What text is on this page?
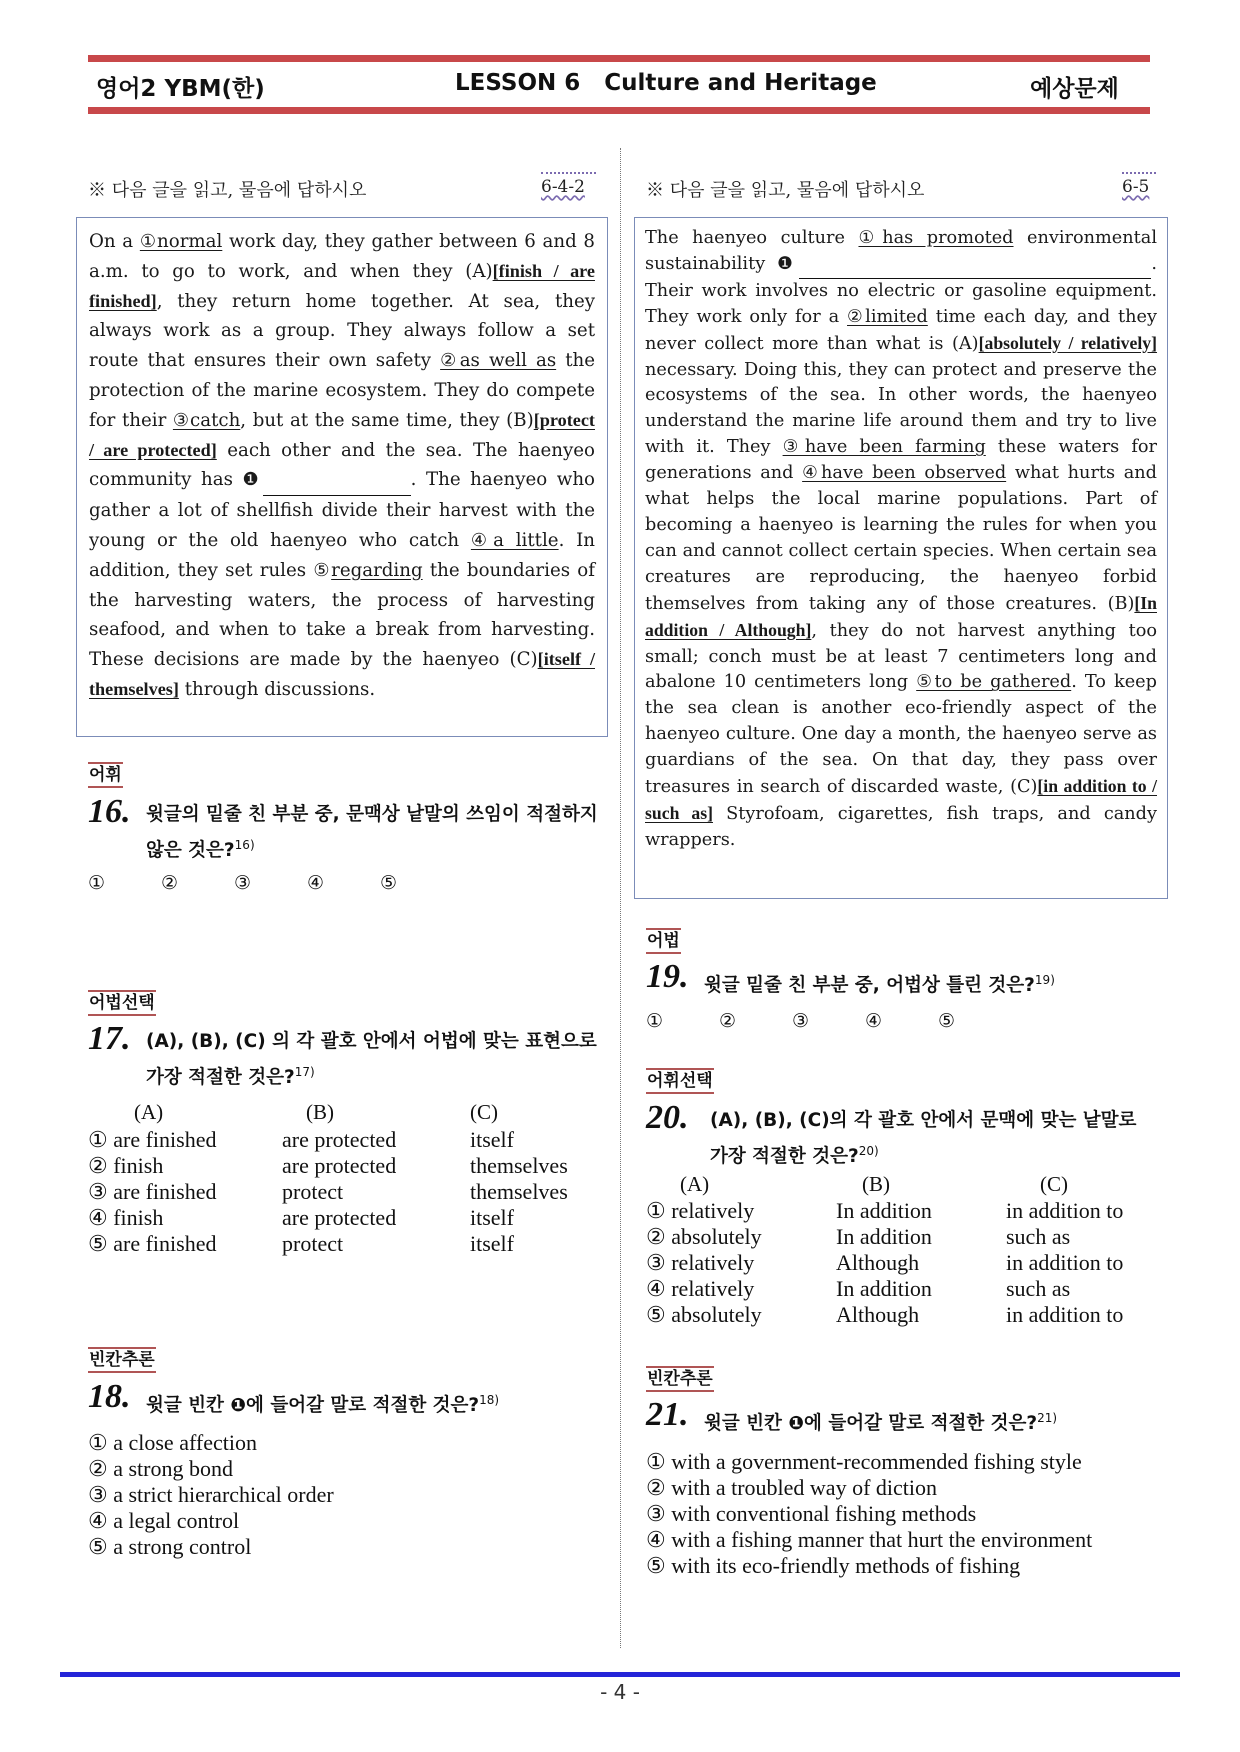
영어2 YBM(한)	LESSON 6   Culture and Heritage	예상문제
※ 다음 글을 읽고, 물음에 답하시오	6-4-2

On a ①normal work day, they gather between 6 and 8 a.m. to go to work, and when they (A)[finish / are finished], they return home together. At sea, they always work as a group. They always follow a set route that ensures their own safety ②as well as the protection of the marine ecosystem. They do compete for their ③catch, but at the same time, they (B)[protect / are protected] each other and the sea. The haenyeo community has ❶	. The haenyeo who gather a lot of shellfish divide their harvest with the young or the old haenyeo who catch ④a little. In addition, they set rules ⑤regarding the boundaries of the harvesting waters, the process of harvesting seafood, and when to take a break from harvesting. These decisions are made by the haenyeo (C)[itself / themselves] through discussions.

어휘
16. 윗글의 밑줄 친 부분 중, 문맥상 낱말의 쓰임이 적절하지 않은 것은?$^{16)}$
①	②	③	④	⑤
어법선택
17. (A), (B), (C) 의 각 괄호 안에서 어법에 맞는 표현으로 가장 적절한 것은?$^{17)}$
(A)	(B)	(C)
① are finished	are protected	itself
② finish	are protected	themselves
③ are finished	protect	themselves
④ finish	are protected	itself
⑤ are finished	protect	itself
빈칸추론
18. 윗글 빈칸 ❶에 들어갈 말로 적절한 것은?$^{18)}$
① a close affection
② a strong bond
③ a strict hierarchical order
④ a legal control
⑤ a strong control
※ 다음 글을 읽고, 물음에 답하시오	6-5

The haenyeo culture ①has promoted environmental sustainability ❶	. Their work involves no electric or gasoline equipment. They work only for a ②limited time each day, and they never collect more than what is (A)[absolutely / relatively] necessary. Doing this, they can protect and preserve the ecosystems of the sea. In other words, the haenyeo understand the marine life around them and try to live with it. They ③have been farming these waters for generations and ④have been observed what hurts and what helps the local marine populations. Part of becoming a haenyeo is learning the rules for when you can and cannot collect certain species. When certain sea creatures are reproducing, the haenyeo forbid themselves from taking any of those creatures. (B)[In addition / Although], they do not harvest anything too small; conch must be at least 7 centimeters long and abalone 10 centimeters long ⑤to be gathered. To keep the sea clean is another eco-friendly aspect of the haenyeo culture. One day a month, the haenyeo serve as guardians of the sea. On that day, they pass over treasures in search of discarded waste, (C)[in addition to / such as] Styrofoam, cigarettes, fish traps, and candy wrappers.

어법
19. 윗글 밑줄 친 부분 중, 어법상 틀린 것은?$^{19)}$
①	②	③	④	⑤
어휘선택
20. (A), (B), (C)의 각 괄호 안에서 문맥에 맞는 낱말로 가장 적절한 것은?$^{20)}$
(A)	(B)	(C)
① relatively	In addition	in addition to
② absolutely	In addition	such as
③ relatively	Although	in addition to
④ relatively	In addition	such as
⑤ absolutely	Although	in addition to
빈칸추론
21. 윗글 빈칸 ❶에 들어갈 말로 적절한 것은?$^{21)}$
① with a government-recommended fishing style
② with a troubled way of diction
③ with conventional fishing methods
④ with a fishing manner that hurt the environment
⑤ with its eco-friendly methods of fishing
- 4 -
